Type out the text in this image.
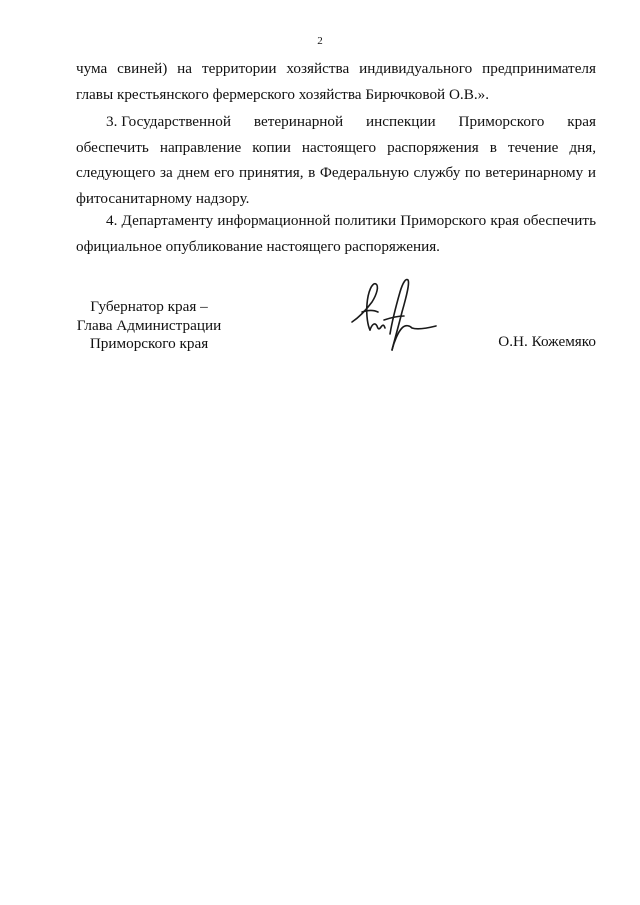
2
чума свиней) на территории хозяйства индивидуального предпринимателя
главы крестьянского фермерского хозяйства Бирючковой О.В.».
3. Государственной ветеринарной инспекции Приморского края
обеспечить направление копии настоящего распоряжения в течение дня,
следующего за днем его принятия, в Федеральную службу по ветеринарному и
фитосанитарному надзору.
4. Департаменту информационной политики Приморского края обеспечить
официальное опубликование настоящего распоряжения.
Губернатор края –
Глава Администрации
Приморского края	О.Н. Кожемяко
